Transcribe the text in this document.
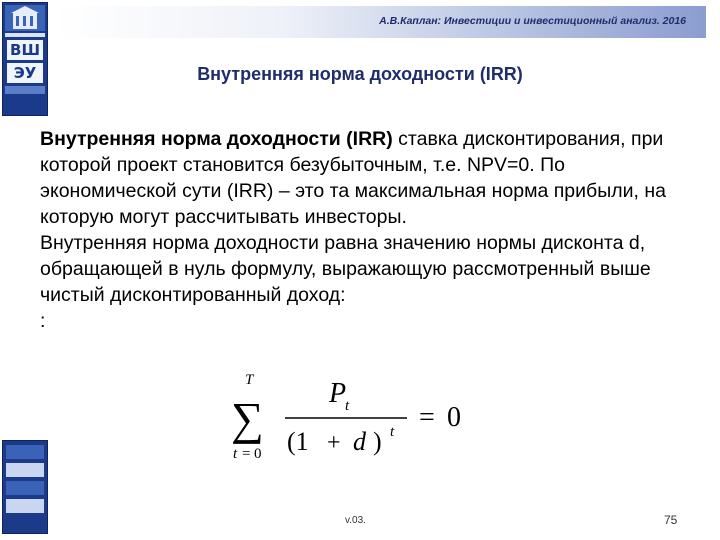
А.В.Каплан: Инвестиции и инвестиционный анализ. 2016
ВШ
ЭУ	Внутренняя норма доходности (IRR)

Внутренняя норма доходности (IRR) ставка дисконтирования, при которой проект становится безубыточным, т.е. NPV=0. По экономической сути (IRR) – это та максимальная норма прибыли, на которую могут рассчитывать инвесторы.

Внутренняя норма доходности равна значению нормы дисконта d, обращающей в нуль формулу, выражающую рассмотренный выше чистый дисконтированный доход:

:

T
∑
t = 0
P
t
(1 + d ) t = 0
v.03.	75
